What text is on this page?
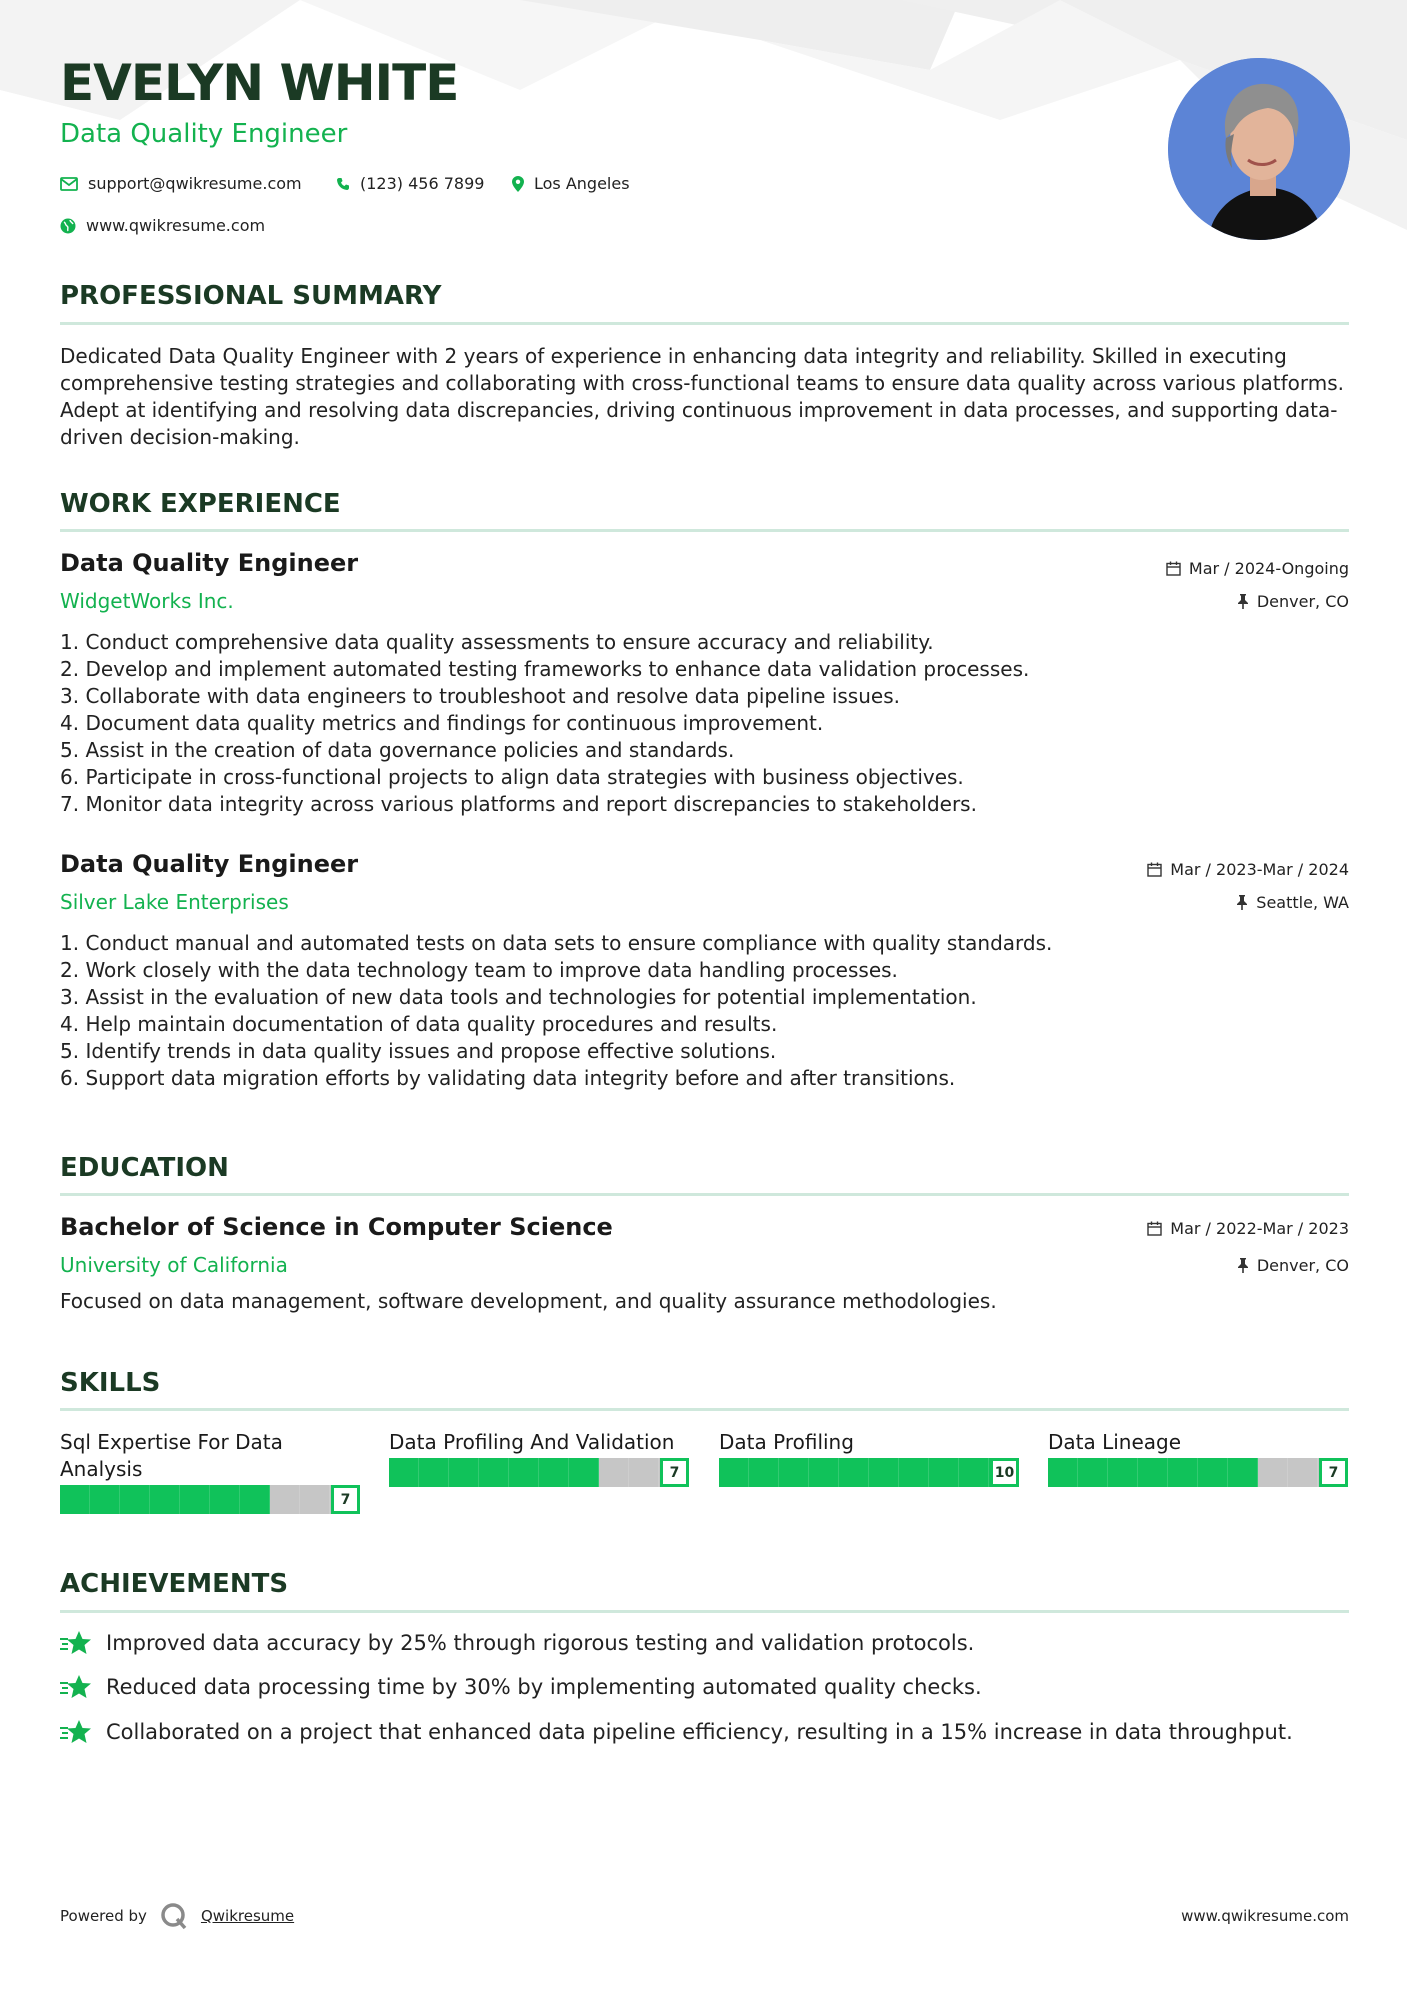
EVELYN WHITE
Data Quality Engineer
support@qwikresume.com	(123) 456 7899	Los Angeles
www.qwikresume.com
PROFESSIONAL SUMMARY

Dedicated Data Quality Engineer with 2 years of experience in enhancing data integrity and reliability. Skilled in executing comprehensive testing strategies and collaborating with cross-functional teams to ensure data quality across various platforms. Adept at identifying and resolving data discrepancies, driving continuous improvement in data processes, and supporting data-driven decision-making.

WORK EXPERIENCE
Data Quality Engineer
WidgetWorks Inc.
Mar / 2024-Ongoing
Denver, CO
1. Conduct comprehensive data quality assessments to ensure accuracy and reliability.
2. Develop and implement automated testing frameworks to enhance data validation processes.
3. Collaborate with data engineers to troubleshoot and resolve data pipeline issues.
4. Document data quality metrics and findings for continuous improvement.
5. Assist in the creation of data governance policies and standards.
6. Participate in cross-functional projects to align data strategies with business objectives.
7. Monitor data integrity across various platforms and report discrepancies to stakeholders.
Data Quality Engineer
Silver Lake Enterprises
Mar / 2023-Mar / 2024
Seattle, WA
1. Conduct manual and automated tests on data sets to ensure compliance with quality standards.
2. Work closely with the data technology team to improve data handling processes.
3. Assist in the evaluation of new data tools and technologies for potential implementation.
4. Help maintain documentation of data quality procedures and results.
5. Identify trends in data quality issues and propose effective solutions.
6. Support data migration efforts by validating data integrity before and after transitions.
EDUCATION
Bachelor of Science in Computer Science
University of California
Mar / 2022-Mar / 2023
Denver, CO
Focused on data management, software development, and quality assurance methodologies.
SKILLS
Sql Expertise For Data Analysis
7
Data Profiling And Validation
7
Data Profiling
10
Data Lineage
7
ACHIEVEMENTS
Improved data accuracy by 25% through rigorous testing and validation protocols.
Reduced data processing time by 30% by implementing automated quality checks.
Collaborated on a project that enhanced data pipeline efficiency, resulting in a 15% increase in data throughput.
Powered by	Qwikresume	www.qwikresume.com
